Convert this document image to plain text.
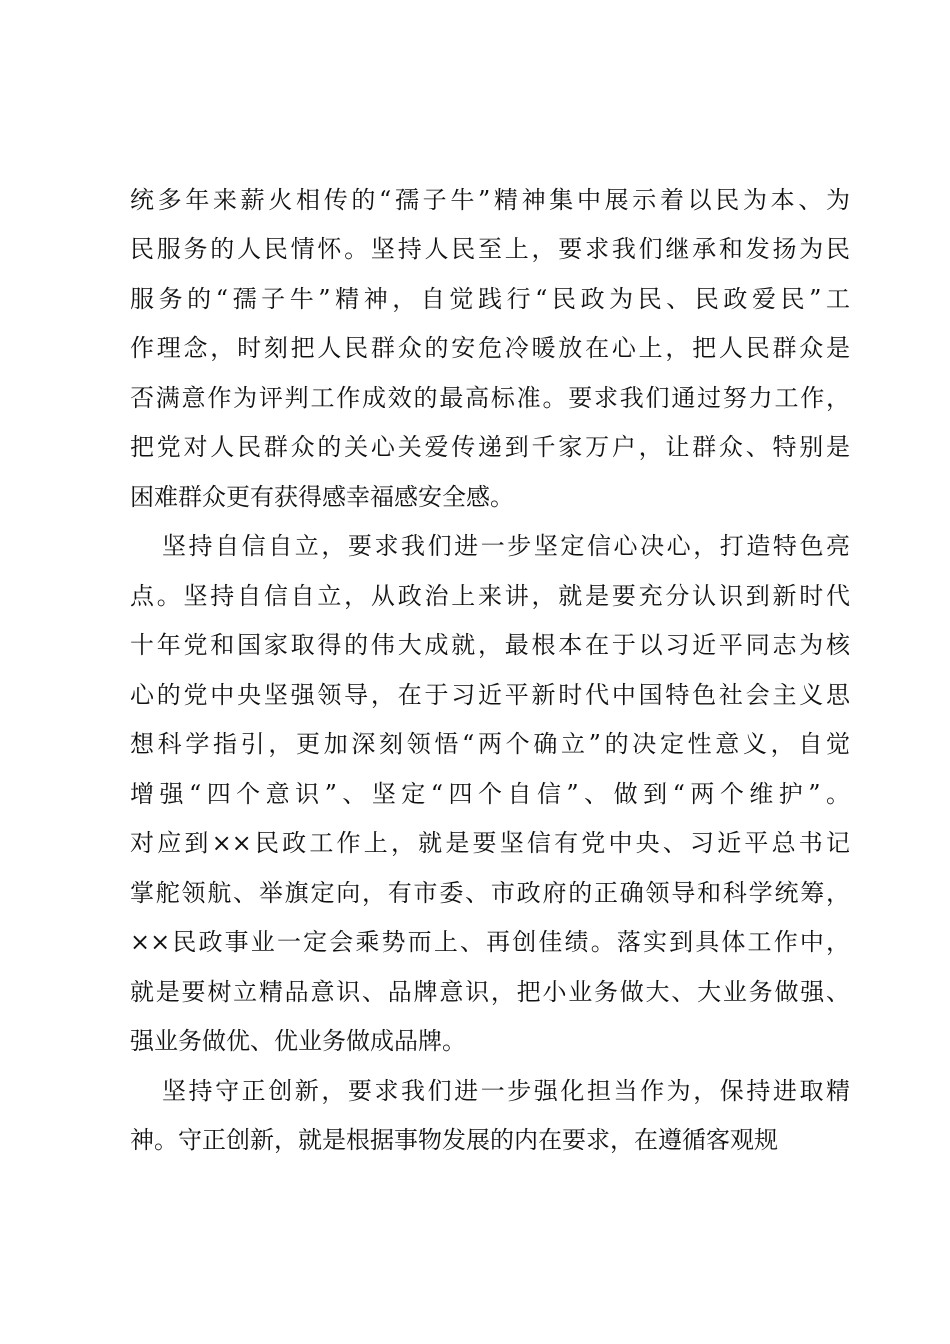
统多年来薪火相传的“孺子牛”精神集中展示着以民为本、为

民服务的人民情怀。坚持人民至上，要求我们继承和发扬为民

服务的“孺子牛”精神，自觉践行“民政为民、民政爱民”工

作理念，时刻把人民群众的安危冷暖放在心上，把人民群众是

否满意作为评判工作成效的最高标准。要求我们通过努力工作，

把党对人民群众的关心关爱传递到千家万户，让群众、特别是

困难群众更有获得感幸福感安全感。

坚持自信自立，要求我们进一步坚定信心决心，打造特色亮

点。坚持自信自立，从政治上来讲，就是要充分认识到新时代

十年党和国家取得的伟大成就，最根本在于以习近平同志为核

心的党中央坚强领导，在于习近平新时代中国特色社会主义思

想科学指引，更加深刻领悟“两个确立”的决定性意义，自觉

增强“四个意识”、坚定“四个自信”、做到“两个维护”。

对应到××民政工作上，就是要坚信有党中央、习近平总书记

掌舵领航、举旗定向，有市委、市政府的正确领导和科学统筹，

××民政事业一定会乘势而上、再创佳绩。落实到具体工作中，

就是要树立精品意识、品牌意识，把小业务做大、大业务做强、

强业务做优、优业务做成品牌。

坚持守正创新，要求我们进一步强化担当作为，保持进取精

神。守正创新，就是根据事物发展的内在要求，在遵循客观规
